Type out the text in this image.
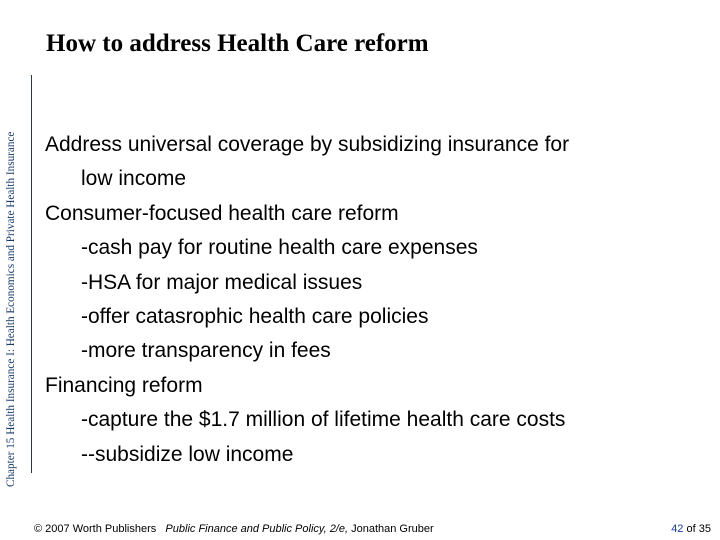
Chapter 15 Health Insurance I: Health Economics and Private Health Insurance
How to address Health Care reform
Address universal coverage by subsidizing insurance for
low income
Consumer-focused health care reform
-cash pay for routine health care expenses
-HSA for major medical issues
-offer catasrophic health care policies
-more transparency in fees
Financing reform
-capture the $1.7 million of lifetime health care costs
--subsidize low income
© 2007 Worth Publishers Public Finance and Public Policy, 2/e, Jonathan Gruber	42 of 35
